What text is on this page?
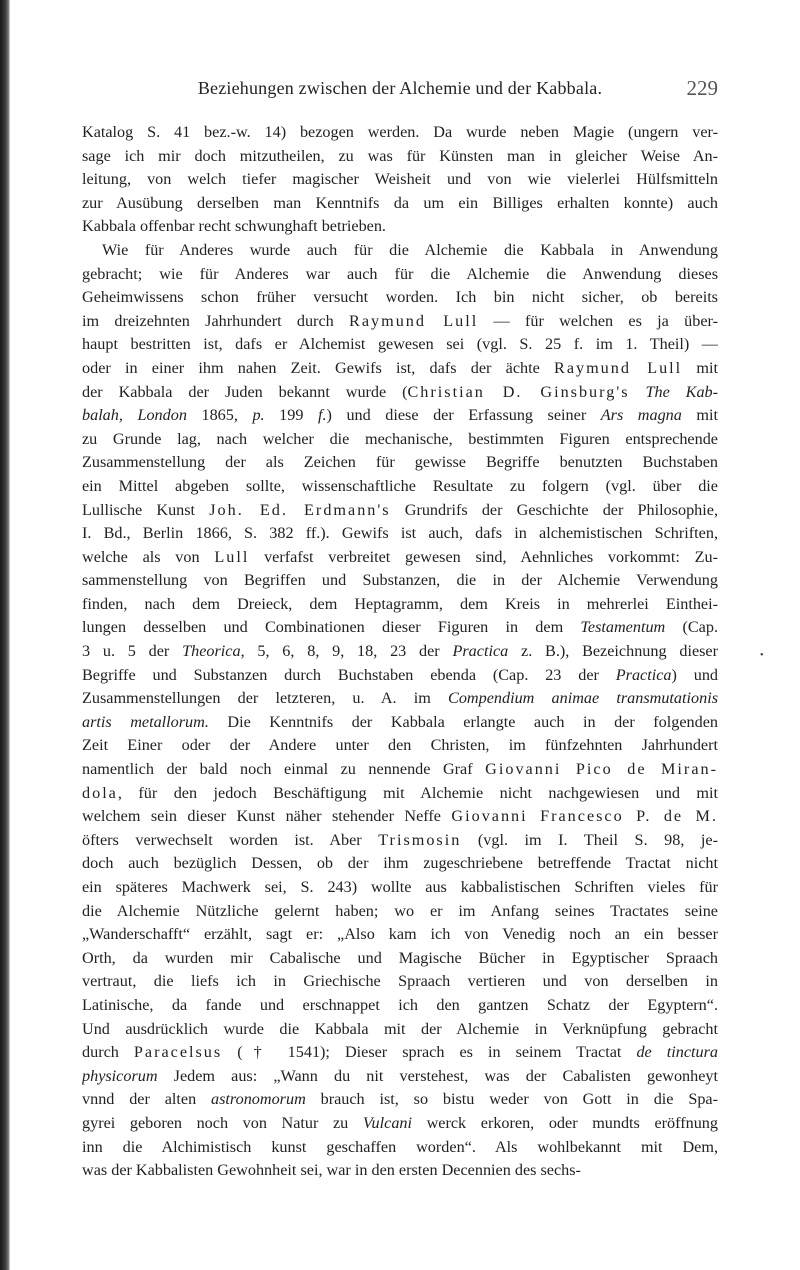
Beziehungen zwischen der Alchemie und der Kabbala.	229
Katalog S. 41 bez.-w. 14) bezogen werden. Da wurde neben Magie (ungern ver-
sage ich mir doch mitzutheilen, zu was für Künsten man in gleicher Weise An-
leitung, von welch tiefer magischer Weisheit und von wie vielerlei Hülfsmitteln
zur Ausübung derselben man Kenntnifs da um ein Billiges erhalten konnte) auch
Kabbala offenbar recht schwunghaft betrieben.
Wie für Anderes wurde auch für die Alchemie die Kabbala in Anwendung
gebracht; wie für Anderes war auch für die Alchemie die Anwendung dieses
Geheimwissens schon früher versucht worden. Ich bin nicht sicher, ob bereits
im dreizehnten Jahrhundert durch Raymund Lull — für welchen es ja über-
haupt bestritten ist, dafs er Alchemist gewesen sei (vgl. S. 25 f. im 1. Theil) —
oder in einer ihm nahen Zeit. Gewifs ist, dafs der ächte Raymund Lull mit
der Kabbala der Juden bekannt wurde (Christian D. Ginsburg's The Kab-
balah, London 1865, p. 199 f.) und diese der Erfassung seiner Ars magna mit
zu Grunde lag, nach welcher die mechanische, bestimmten Figuren entsprechende
Zusammenstellung der als Zeichen für gewisse Begriffe benutzten Buchstaben
ein Mittel abgeben sollte, wissenschaftliche Resultate zu folgern (vgl. über die
Lullische Kunst Joh. Ed. Erdmann's Grundrifs der Geschichte der Philosophie,
I. Bd., Berlin 1866, S. 382 ff.). Gewifs ist auch, dafs in alchemistischen Schriften,
welche als von Lull verfafst verbreitet gewesen sind, Aehnliches vorkommt: Zu-
sammenstellung von Begriffen und Substanzen, die in der Alchemie Verwendung
finden, nach dem Dreieck, dem Heptagramm, dem Kreis in mehrerlei Einthei-
lungen desselben und Combinationen dieser Figuren in dem Testamentum (Cap.
3 u. 5 der Theorica, 5, 6, 8, 9, 18, 23 der Practica z. B.), Bezeichnung dieser
Begriffe und Substanzen durch Buchstaben ebenda (Cap. 23 der Practica) und
Zusammenstellungen der letzteren, u. A. im Compendium animae transmutationis
artis metallorum. Die Kenntnifs der Kabbala erlangte auch in der folgenden
Zeit Einer oder der Andere unter den Christen, im fünfzehnten Jahrhundert
namentlich der bald noch einmal zu nennende Graf Giovanni Pico de Miran-
dola, für den jedoch Beschäftigung mit Alchemie nicht nachgewiesen und mit
welchem sein dieser Kunst näher stehender Neffe Giovanni Francesco P. de M.
öfters verwechselt worden ist. Aber Trismosin (vgl. im I. Theil S. 98, je-
doch auch bezüglich Dessen, ob der ihm zugeschriebene betreffende Tractat nicht
ein späteres Machwerk sei, S. 243) wollte aus kabbalistischen Schriften vieles für
die Alchemie Nützliche gelernt haben; wo er im Anfang seines Tractates seine
„Wanderschafft“ erzählt, sagt er: „Also kam ich von Venedig noch an ein besser
Orth, da wurden mir Cabalische und Magische Bücher in Egyptischer Spraach
vertraut, die liefs ich in Griechische Spraach vertieren und von derselben in
Latinische, da fande und erschnappet ich den gantzen Schatz der Egyptern“.
Und ausdrücklich wurde die Kabbala mit der Alchemie in Verknüpfung gebracht
durch Paracelsus († 1541); Dieser sprach es in seinem Tractat de tinctura
physicorum Jedem aus: „Wann du nit verstehest, was der Cabalisten gewonheyt
vnnd der alten astronomorum brauch ist, so bistu weder von Gott in die Spa-
gyrei geboren noch von Natur zu Vulcani werck erkoren, oder mundts eröffnung
inn die Alchimistisch kunst geschaffen worden“. Als wohlbekannt mit Dem,
was der Kabbalisten Gewohnheit sei, war in den ersten Decennien des sechs-
•
